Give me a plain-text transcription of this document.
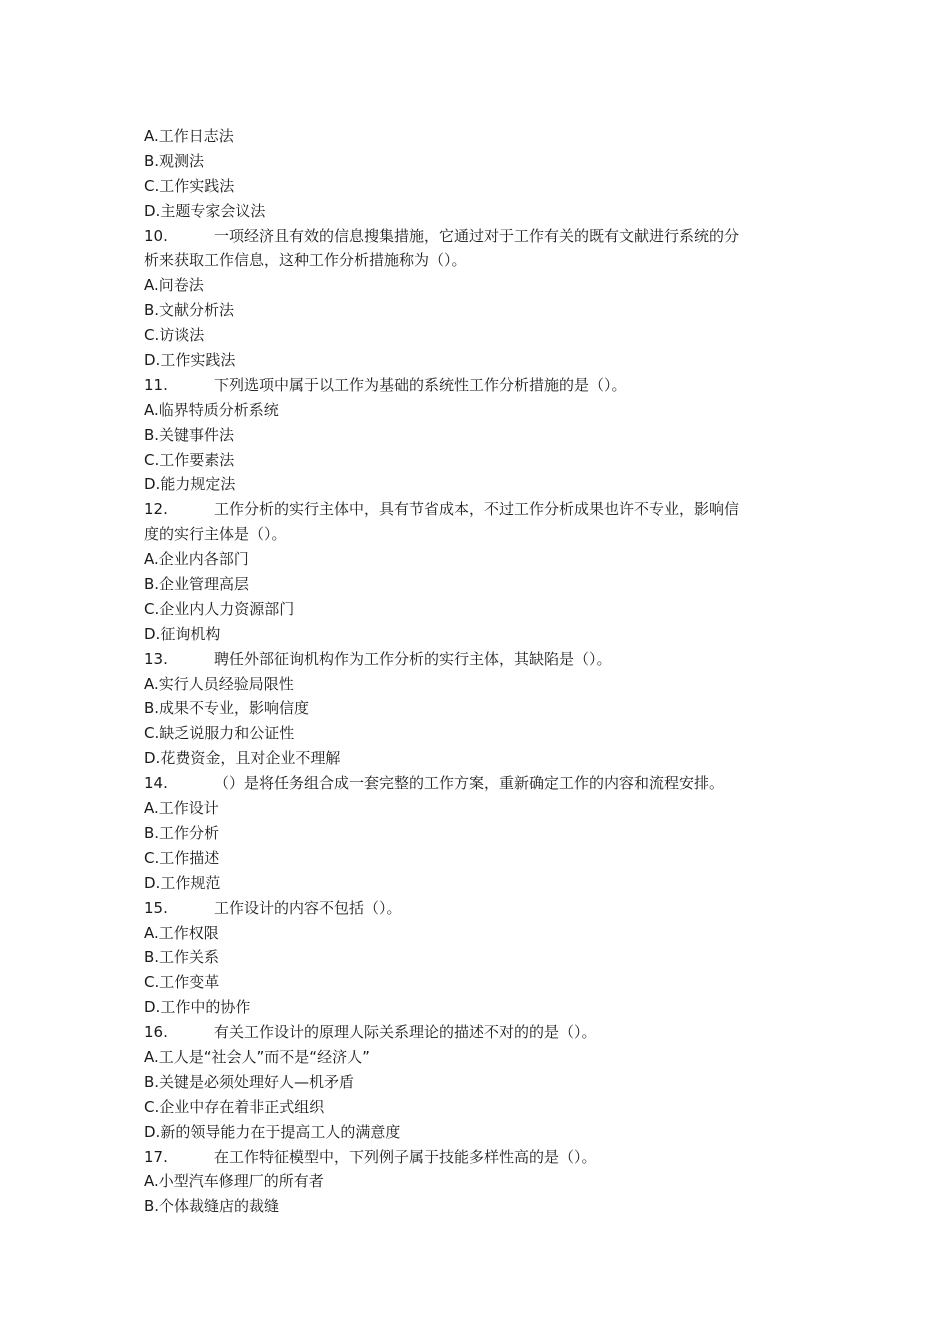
A.工作日志法
B.观测法
C.工作实践法
D.主题专家会议法
10.	一项经济且有效的信息搜集措施，它通过对于工作有关的既有文献进行系统的分
析来获取工作信息，这种工作分析措施称为（）。
A.问卷法
B.文献分析法
C.访谈法
D.工作实践法
11.	下列选项中属于以工作为基础的系统性工作分析措施的是（）。
A.临界特质分析系统
B.关键事件法
C.工作要素法
D.能力规定法
12.	工作分析的实行主体中，具有节省成本，不过工作分析成果也许不专业，影响信
度的实行主体是（）。
A.企业内各部门
B.企业管理高层
C.企业内人力资源部门
D.征询机构
13.	聘任外部征询机构作为工作分析的实行主体，其缺陷是（）。
A.实行人员经验局限性
B.成果不专业，影响信度
C.缺乏说服力和公证性
D.花费资金，且对企业不理解
14.	（）是将任务组合成一套完整的工作方案，重新确定工作的内容和流程安排。
A.工作设计
B.工作分析
C.工作描述
D.工作规范
15.	工作设计的内容不包括（）。
A.工作权限
B.工作关系
C.工作变革
D.工作中的协作
16.	有关工作设计的原理人际关系理论的描述不对的的是（）。
A.工人是“社会人”而不是“经济人”
B.关键是必须处理好人—机矛盾
C.企业中存在着非正式组织
D.新的领导能力在于提高工人的满意度
17.	在工作特征模型中，下列例子属于技能多样性高的是（）。
A.小型汽车修理厂的所有者
B.个体裁缝店的裁缝
